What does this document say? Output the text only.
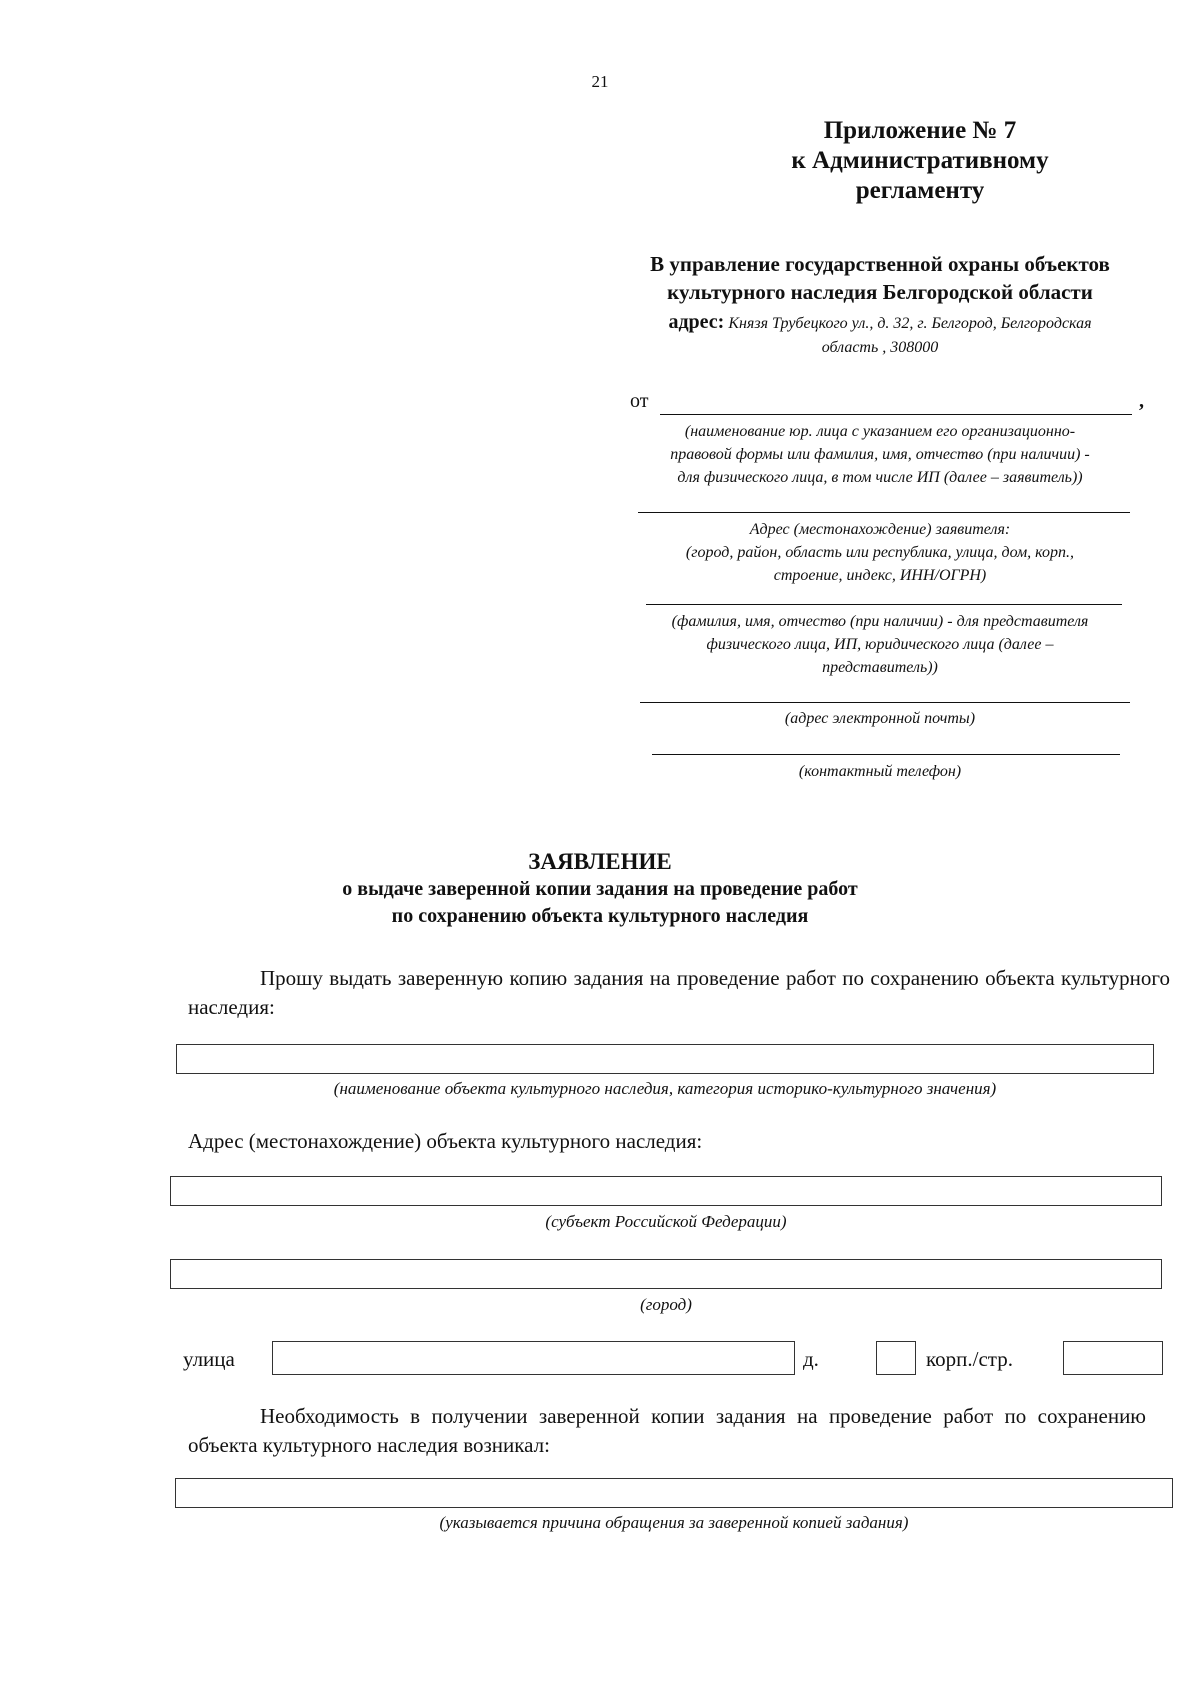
21
Приложение № 7
к Административному
регламенту
В управление государственной охраны объектов
культурного наследия Белгородской области
адрес: Князя Трубецкого ул., д. 32, г. Белгород, Белгородская
область , 308000
от	,
(наименование юр. лица с указанием его организационно-
правовой формы или фамилия, имя, отчество (при наличии) -
для физического лица, в том числе ИП (далее – заявитель))
Адрес (местонахождение) заявителя:
(город, район, область или республика, улица, дом, корп.,
строение, индекс, ИНН/ОГРН)
(фамилия, имя, отчество (при наличии) - для представителя
физического лица, ИП, юридического лица (далее –
представитель))
(адрес электронной почты)
(контактный телефон)
ЗАЯВЛЕНИЕ
о выдаче заверенной копии задания на проведение работ
по сохранению объекта культурного наследия
Прошу выдать заверенную копию задания на проведение работ по сохранению объекта культурного наследия:
(наименование объекта культурного наследия, категория историко-культурного значения)
Адрес (местонахождение) объекта культурного наследия:
(субъект Российской Федерации)
(город)
улица	д.	корп./стр.
Необходимость в получении заверенной копии задания на проведение работ по сохранению объекта культурного наследия возникал:
(указывается причина обращения за заверенной копией задания)
